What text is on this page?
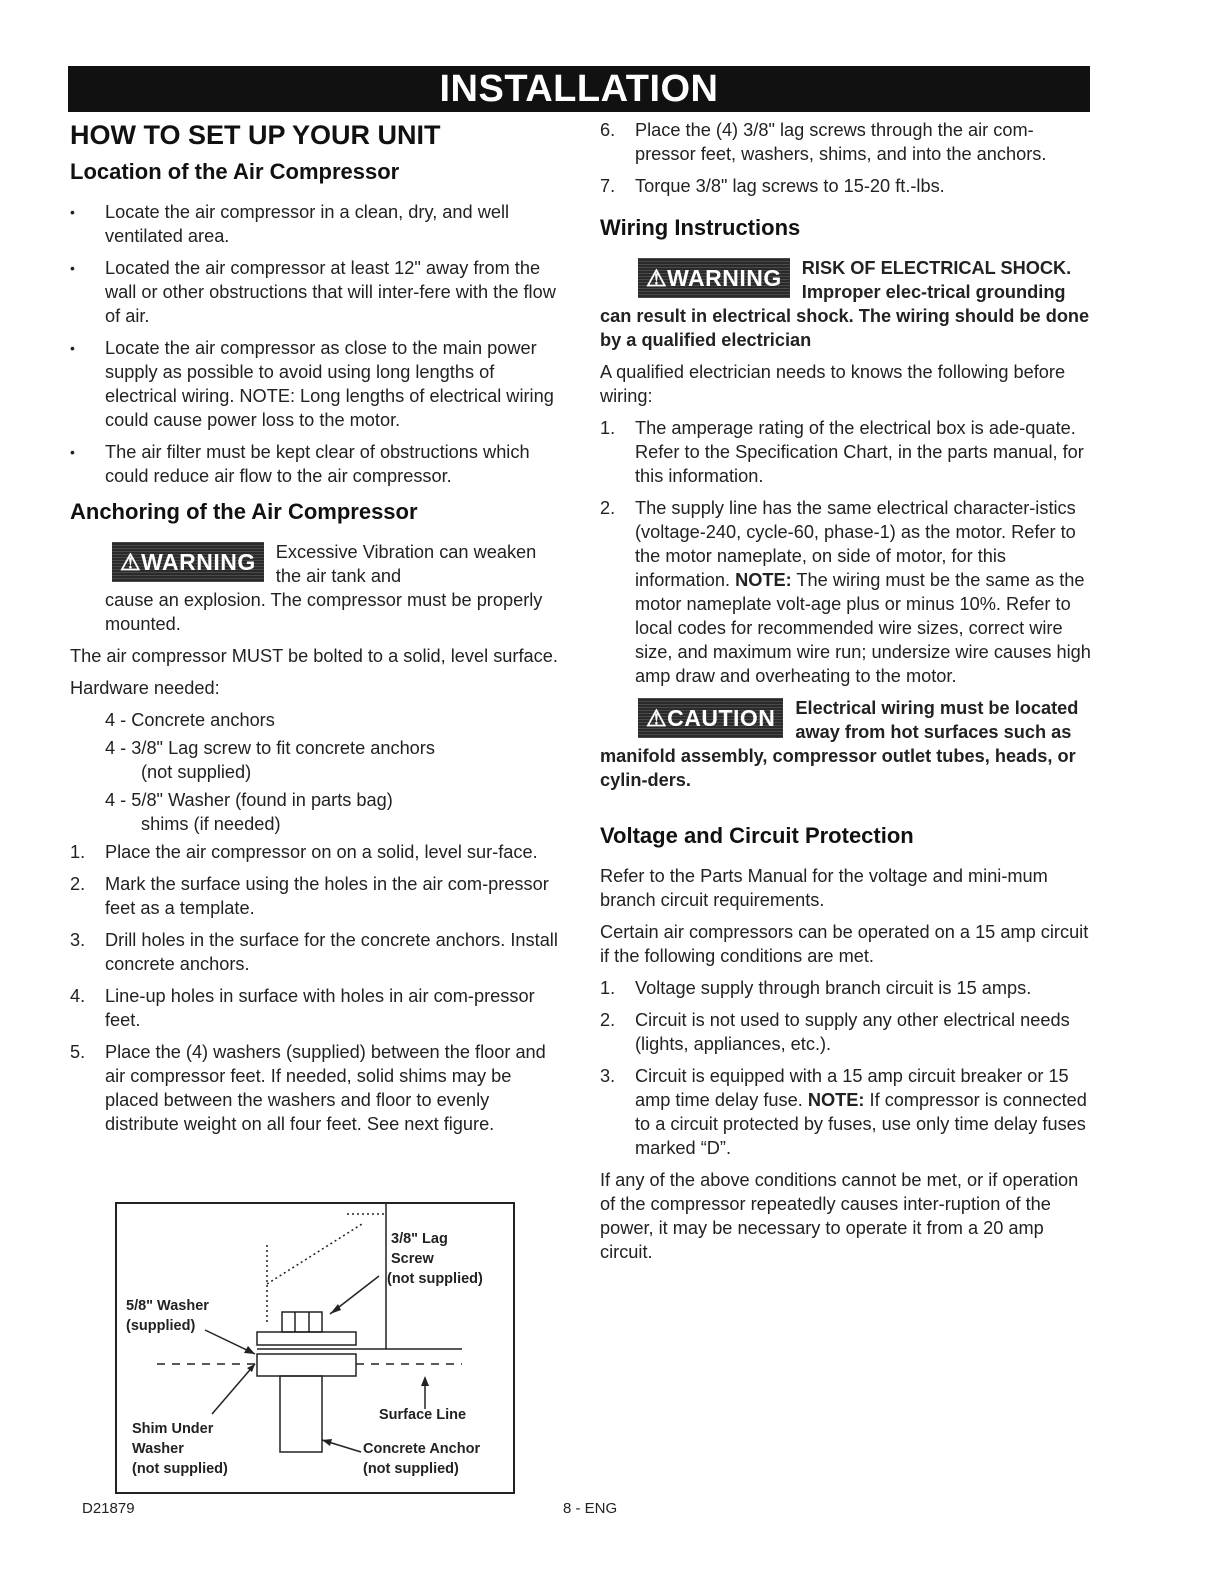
INSTALLATION
HOW TO SET UP YOUR UNIT
Location of the Air Compressor
• Locate the air compressor in a clean, dry, and well ventilated area.
• Located the air compressor at least 12" away from the wall or other obstructions that will inter-fere with the flow of air.
• Locate the air compressor as close to the main power supply as possible to avoid using long lengths of electrical wiring. NOTE: Long lengths of electrical wiring could cause power loss to the motor.
• The air filter must be kept clear of obstructions which could reduce air flow to the air compressor.
Anchoring of the Air Compressor
⚠WARNING	Excessive Vibration can weaken the air tank and
cause an explosion. The compressor must be properly mounted.

The air compressor MUST be bolted to a solid, level surface.

Hardware needed:

4 - Concrete anchors
4 - 3/8" Lag screw to fit concrete anchors
(not supplied)
4 - 5/8" Washer (found in parts bag)
shims (if needed)
1.	Place the air compressor on on a solid, level sur-face.
2.	Mark the surface using the holes in the air com-pressor feet as a template.
3.	Drill holes in the surface for the concrete anchors. Install concrete anchors.
4.	Line-up holes in surface with holes in air com-pressor feet.
5.	Place the (4) washers (supplied) between the floor and air compressor feet. If needed, solid shims may be placed between the washers and floor to evenly distribute weight on all four feet. See next figure.
3/8" Lag
Screw
(not supplied)
5/8" Washer
(supplied)
Surface Line
Shim Under
Washer
(not supplied)
Concrete Anchor
(not supplied)
6.	Place the (4) 3/8" lag screws through the air com-pressor feet, washers, shims, and into the anchors.
7.	Torque 3/8" lag screws to 15-20 ft.-lbs.
Wiring Instructions
⚠WARNING	RISK OF ELECTRICAL SHOCK. Improper elec-trical grounding can result in electrical shock. The wiring should be done by a qualified electrician

A qualified electrician needs to knows the following before wiring:

1.	The amperage rating of the electrical box is ade-quate. Refer to the Specification Chart, in the parts manual, for this information.
2.	The supply line has the same electrical character-istics (voltage-240, cycle-60, phase-1) as the motor. Refer to the motor nameplate, on side of motor, for this information. NOTE: The wiring must be the same as the motor nameplate volt-age plus or minus 10%. Refer to local codes for recommended wire sizes, correct wire size, and maximum wire run; undersize wire causes high amp draw and overheating to the motor.
⚠CAUTION	Electrical wiring must be located away from hot surfaces such as manifold assembly, compressor outlet tubes, heads, or cylin-ders.
Voltage and Circuit Protection

Refer to the Parts Manual for the voltage and mini-mum branch circuit requirements.

Certain air compressors can be operated on a 15 amp circuit if the following conditions are met.

1.	Voltage supply through branch circuit is 15 amps.
2.	Circuit is not used to supply any other electrical needs (lights, appliances, etc.).
3.	Circuit is equipped with a 15 amp circuit breaker or 15 amp time delay fuse. NOTE: If compressor is connected to a circuit protected by fuses, use only time delay fuses marked “D”.

If any of the above conditions cannot be met, or if operation of the compressor repeatedly causes inter-ruption of the power, it may be necessary to operate it from a 20 amp circuit.

D21879	8 - ENG
